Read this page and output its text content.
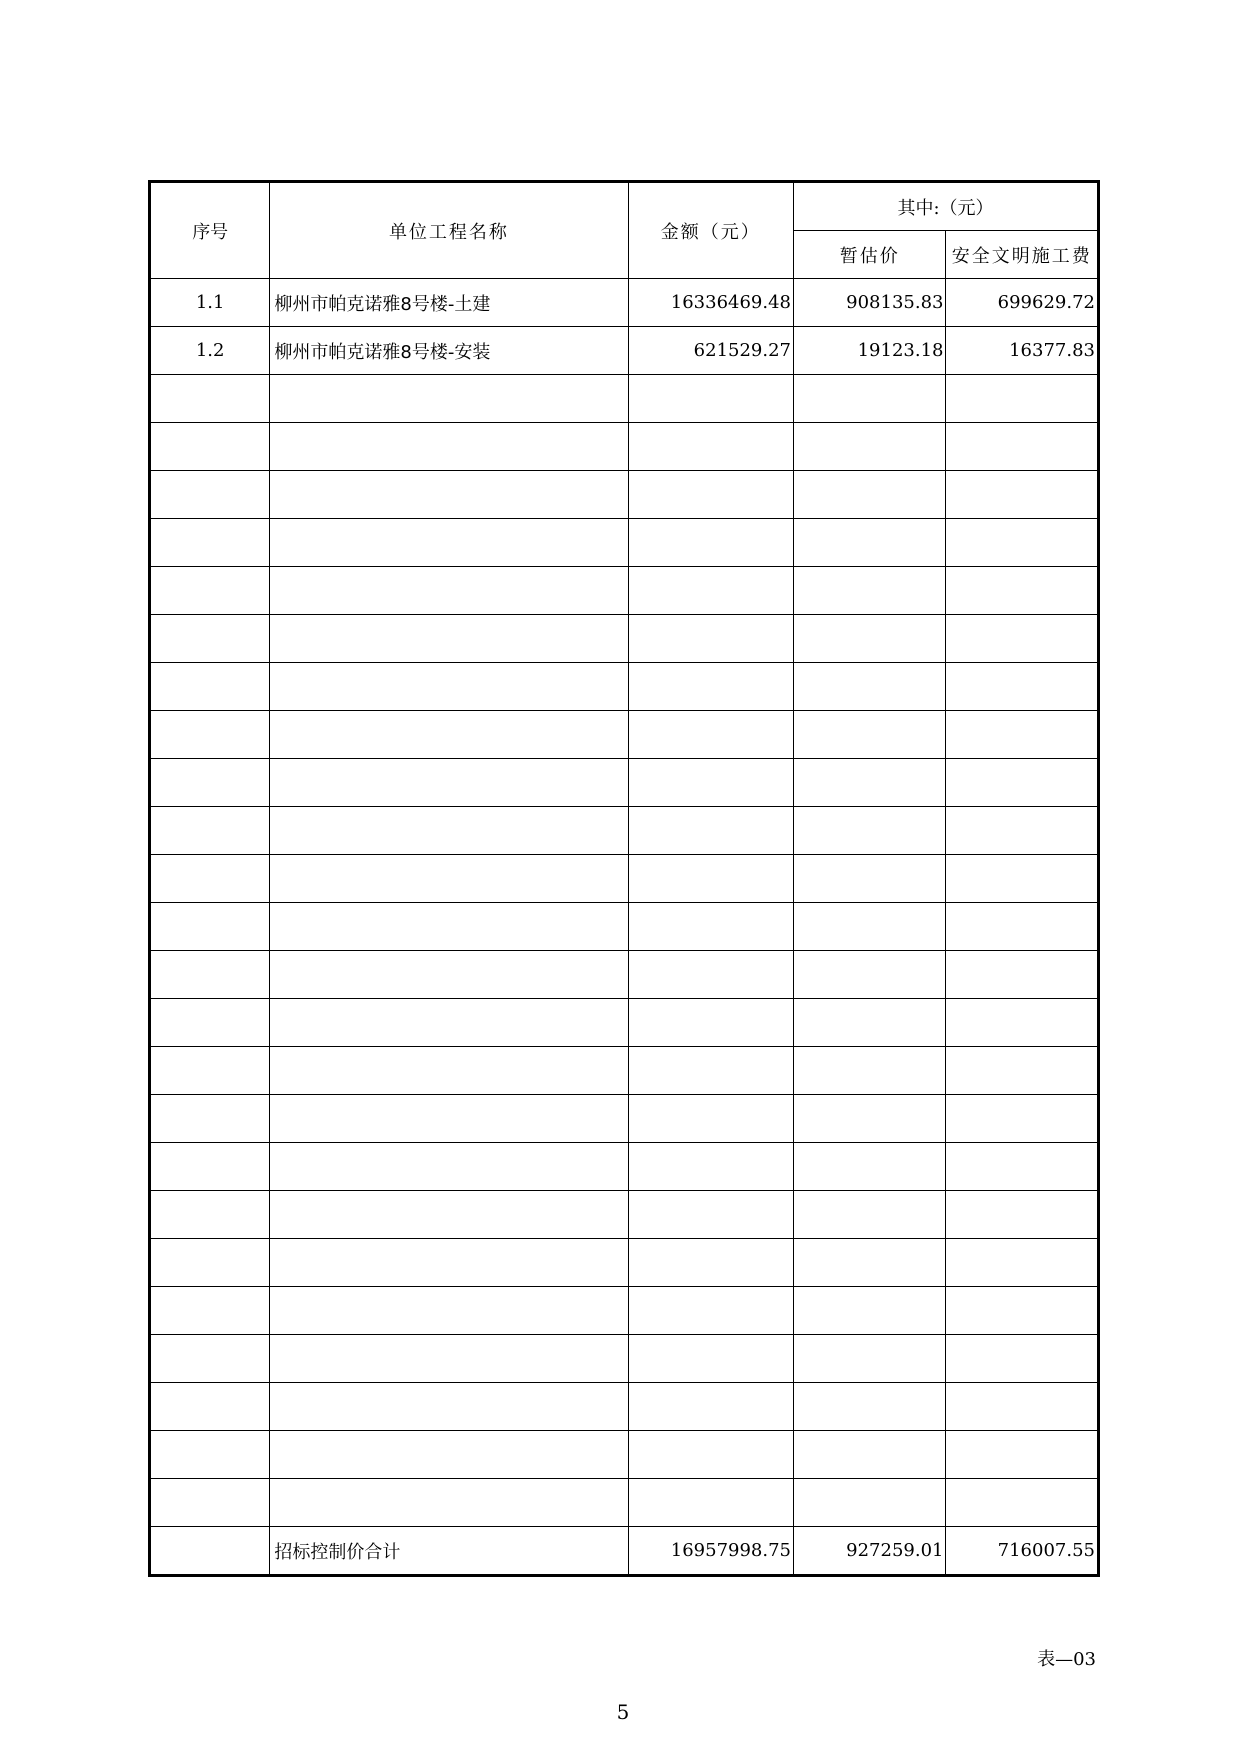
序号	单位工程名称	金额（元）	其中:（元）	
			暂估价	安全文明施工费
1.1	柳州市帕克诺雅8号楼-土建	16336469.48	908135.83	699629.72
1.2	柳州市帕克诺雅8号楼-安装	621529.27	19123.18	16377.83

	招标控制价合计	16957998.75	927259.01	716007.55
表—03
5
